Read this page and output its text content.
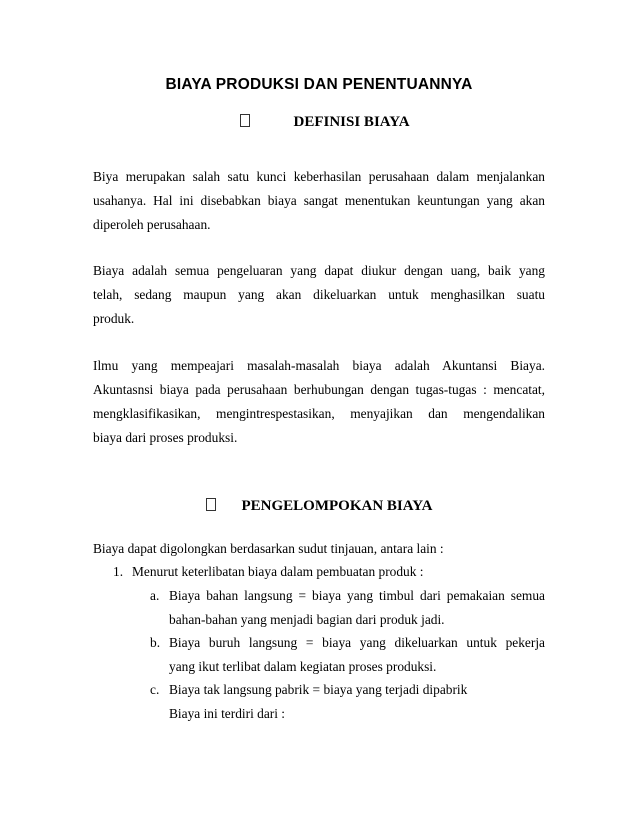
BIAYA PRODUKSI DAN PENENTUANNYA
DEFINISI BIAYA
Biya merupakan salah satu kunci keberhasilan perusahaan dalam menjalankan
usahanya. Hal ini disebabkan biaya sangat menentukan keuntungan yang akan
diperoleh perusahaan.
Biaya adalah semua pengeluaran yang dapat diukur dengan uang, baik yang
telah, sedang maupun yang akan dikeluarkan untuk menghasilkan suatu
produk.
Ilmu yang mempeajari masalah-masalah biaya adalah Akuntansi Biaya.
Akuntasnsi biaya pada perusahaan berhubungan dengan tugas-tugas : mencatat,
mengklasifikasikan, mengintrespestasikan, menyajikan dan mengendalikan
biaya dari proses produksi.
PENGELOMPOKAN BIAYA
Biaya dapat digolongkan berdasarkan sudut tinjauan, antara lain :
1. Menurut keterlibatan biaya dalam pembuatan produk :
a. Biaya bahan langsung = biaya yang timbul dari pemakaian semua
bahan-bahan yang menjadi bagian dari produk jadi.
b. Biaya buruh langsung = biaya yang dikeluarkan untuk pekerja
yang ikut terlibat dalam kegiatan proses produksi.
c. Biaya tak langsung pabrik = biaya yang terjadi dipabrik
Biaya ini terdiri dari :
